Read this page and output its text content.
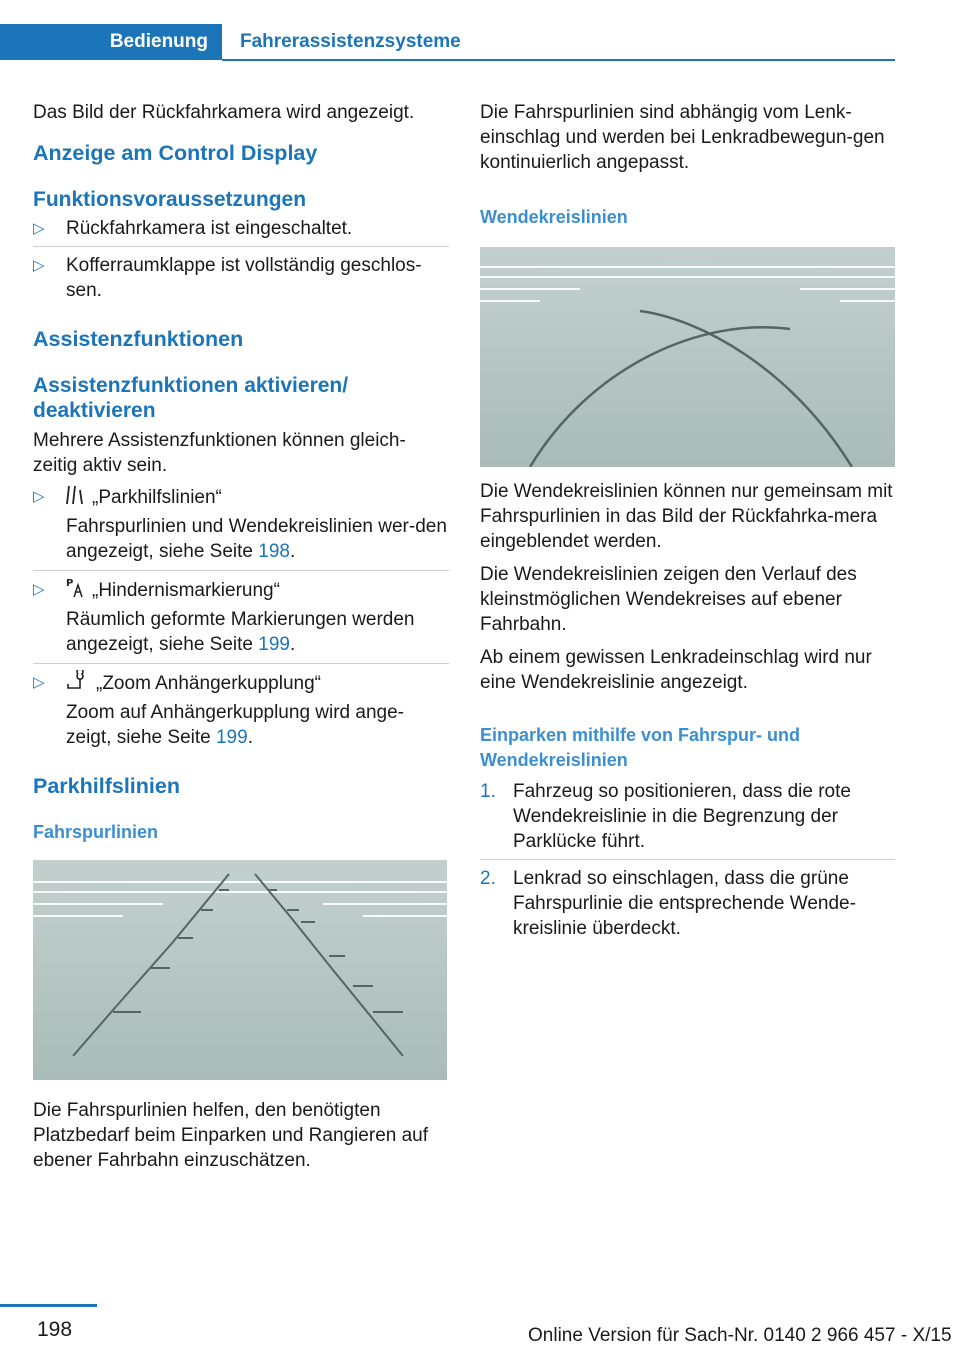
Bedienung	Fahrerassistenzsysteme

Das Bild der Rückfahrkamera wird angezeigt.

Anzeige am Control Display
Funktionsvoraussetzungen
▷ Rückfahrkamera ist eingeschaltet.
▷ Kofferraumklappe ist vollständig geschlos-
sen.
Assistenzfunktionen
Assistenzfunktionen aktivieren/ deaktivieren

Mehrere Assistenzfunktionen können gleich-zeitig aktiv sein.

▷ „Parkhilfslinien“
Fahrspurlinien und Wendekreislinien wer-den angezeigt, siehe Seite 198.
▷ P „Hindernismarkierung“
Räumlich geformte Markierungen werden angezeigt, siehe Seite 199.
▷	„Zoom Anhängerkupplung“
Zoom auf Anhängerkupplung wird ange-zeigt, siehe Seite 199.
Parkhilfslinien
Fahrspurlinien

Die Fahrspurlinien helfen, den benötigten Platzbedarf beim Einparken und Rangieren auf ebener Fahrbahn einzuschätzen.

Die Fahrspurlinien sind abhängig vom Lenk-einschlag und werden bei Lenkradbewegun-gen kontinuierlich angepasst.

Wendekreislinien

Die Wendekreislinien können nur gemeinsam mit Fahrspurlinien in das Bild der Rückfahrka-mera eingeblendet werden.

Die Wendekreislinien zeigen den Verlauf des kleinstmöglichen Wendekreises auf ebener Fahrbahn.

Ab einem gewissen Lenkradeinschlag wird nur eine Wendekreislinie angezeigt.

Einparken mithilfe von Fahrspur- und Wendekreislinien
1. Fahrzeug so positionieren, dass die rote Wendekreislinie in die Begrenzung der Parklücke führt.
2. Lenkrad so einschlagen, dass die grüne Fahrspurlinie die entsprechende Wende-kreislinie überdeckt.
198	Online Version für Sach-Nr. 0140 2 966 457 - X/15
